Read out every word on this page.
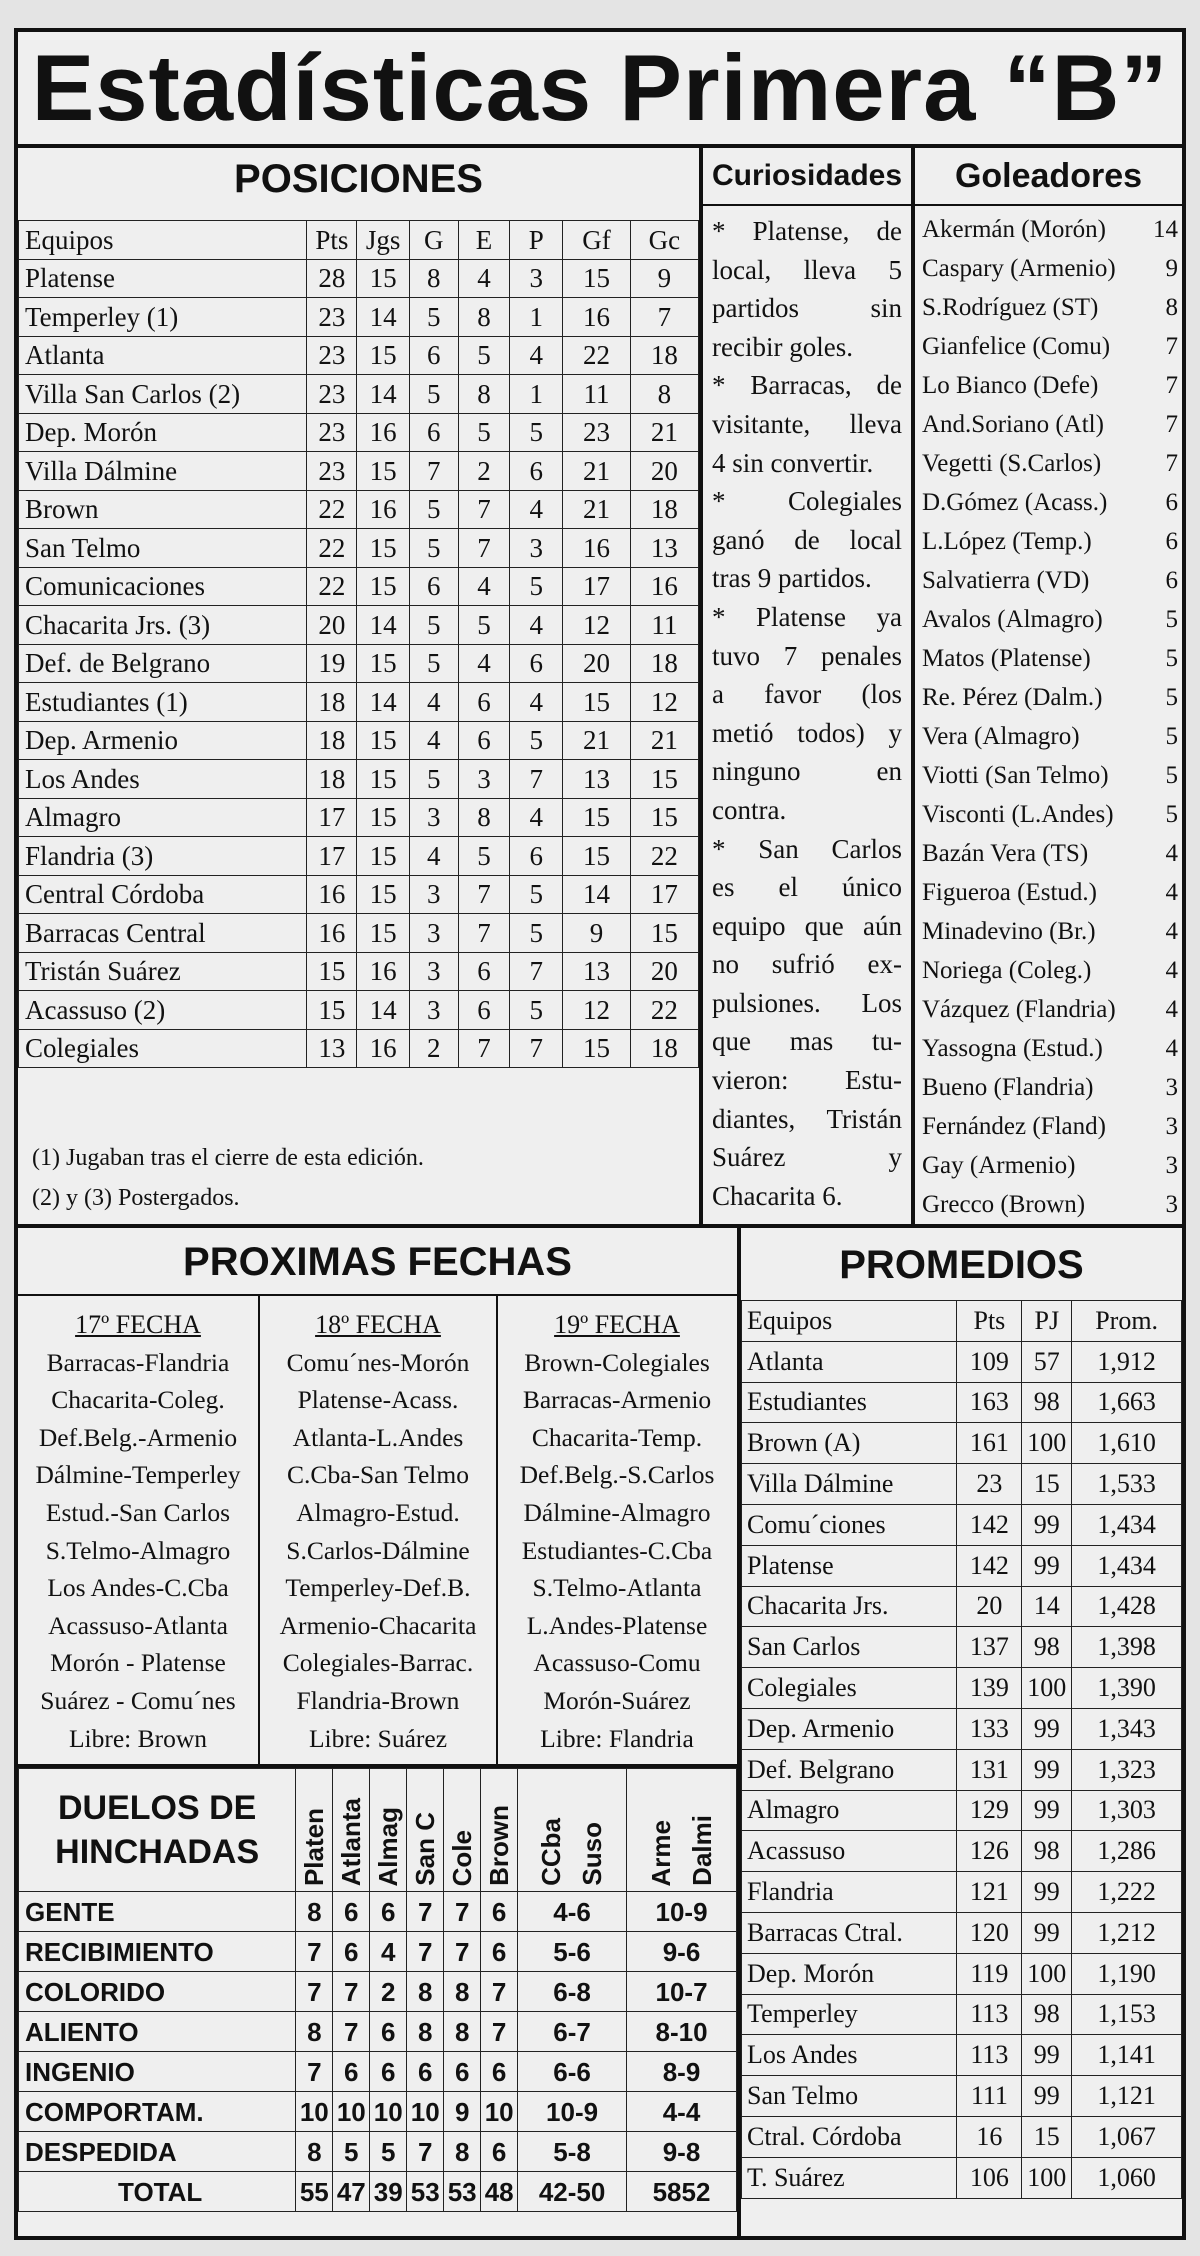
Estadísticas Primera “B”
POSICIONES
Equipos	Pts	Jgs	G	E	P	Gf	Gc
Platense	28	15	8	4	3	15	9
Temperley (1)	23	14	5	8	1	16	7
Atlanta	23	15	6	5	4	22	18
Villa San Carlos (2)	23	14	5	8	1	11	8
Dep. Morón	23	16	6	5	5	23	21
Villa Dálmine	23	15	7	2	6	21	20
Brown	22	16	5	7	4	21	18
San Telmo	22	15	5	7	3	16	13
Comunicaciones	22	15	6	4	5	17	16
Chacarita Jrs. (3)	20	14	5	5	4	12	11
Def. de Belgrano	19	15	5	4	6	20	18
Estudiantes (1)	18	14	4	6	4	15	12
Dep. Armenio	18	15	4	6	5	21	21
Los Andes	18	15	5	3	7	13	15
Almagro	17	15	3	8	4	15	15
Flandria (3)	17	15	4	5	6	15	22
Central Córdoba	16	15	3	7	5	14	17
Barracas Central	16	15	3	7	5	9	15
Tristán Suárez	15	16	3	6	7	13	20
Acassuso (2)	15	14	3	6	5	12	22
Colegiales	13	16	2	7	7	15	18
(1) Jugaban tras el cierre de esta edición.
(2) y (3) Postergados.
Curiosidades
* Platense, de
local, lleva 5
partidos sin
recibir goles.
* Barracas, de
visitante, lleva
4 sin convertir.
* Colegiales
ganó de local
tras 9 partidos.
* Platense ya
tuvo 7 penales
a favor (los
metió todos) y
ninguno en
contra.
* San Carlos
es el único
equipo que aún
no sufrió ex-
pulsiones. Los
que mas tu-
vieron: Estu-
diantes, Tristán
Suárez y
Chacarita 6.
Goleadores
Akermán (Morón) 14
Caspary (Armenio) 9
S.Rodríguez (ST)	8
Gianfelice (Comu) 7
Lo Bianco (Defe)	7
And.Soriano (Atl) 7
Vegetti (S.Carlos)	7
D.Gómez (Acass.) 6
L.López (Temp.)	6
Salvatierra (VD)	6
Avalos (Almagro)	5
Matos (Platense)	5
Re. Pérez (Dalm.)	5
Vera (Almagro)	5
Viotti (San Telmo) 5
Visconti (L.Andes) 5
Bazán Vera (TS)	4
Figueroa (Estud.)	4
Minadevino (Br.)	4
Noriega (Coleg.)	4
Vázquez (Flandria) 4
Yassogna (Estud.)	4
Bueno (Flandria)	3
Fernández (Fland) 3
Gay (Armenio)	3
Grecco (Brown)	3
PROXIMAS FECHAS
17º FECHA
Barracas-Flandria
Chacarita-Coleg.
Def.Belg.-Armenio
Dálmine-Temperley
Estud.-San Carlos
S.Telmo-Almagro
Los Andes-C.Cba
Acassuso-Atlanta
Morón - Platense
Suárez - Comu´nes
Libre: Brown
18º FECHA
Comu´nes-Morón
Platense-Acass.
Atlanta-L.Andes
C.Cba-San Telmo
Almagro-Estud.
S.Carlos-Dálmine
Temperley-Def.B.
Armenio-Chacarita
Colegiales-Barrac.
Flandria-Brown
Libre: Suárez
19º FECHA
Brown-Colegiales
Barracas-Armenio
Chacarita-Temp.
Def.Belg.-S.Carlos
Dálmine-Almagro
Estudiantes-C.Cba
S.Telmo-Atlanta
L.Andes-Platense
Acassuso-Comu
Morón-Suárez
Libre: Flandria
DUELOS DE
HINCHADAS	Platen	Atlanta	Almag	San C	Cole	Brown	CCba Suso	Arme Dalmi
GENTE	8	6	6	7	7	6	4-6	10-9
RECIBIMIENTO	7	6	4	7	7	6	5-6	9-6
COLORIDO	7	7	2	8	8	7	6-8	10-7
ALIENTO	8	7	6	8	8	7	6-7	8-10
INGENIO	7	6	6	6	6	6	6-6	8-9
COMPORTAM.	10	10	10	10	9	10	10-9	4-4
DESPEDIDA	8	5	5	7	8	6	5-8	9-8
TOTAL	55	47	39	53	53	48	42-50	5852
PROMEDIOS
Equipos	Pts	PJ	Prom.
Atlanta	109	57	1,912
Estudiantes	163	98	1,663
Brown (A)	161	100	1,610
Villa Dálmine	23	15	1,533
Comu´ciones	142	99	1,434
Platense	142	99	1,434
Chacarita Jrs.	20	14	1,428
San Carlos	137	98	1,398
Colegiales	139	100	1,390
Dep. Armenio	133	99	1,343
Def. Belgrano	131	99	1,323
Almagro	129	99	1,303
Acassuso	126	98	1,286
Flandria	121	99	1,222
Barracas Ctral.	120	99	1,212
Dep. Morón	119	100	1,190
Temperley	113	98	1,153
Los Andes	113	99	1,141
San Telmo	111	99	1,121
Ctral. Córdoba	16	15	1,067
T. Suárez	106	100	1,060
